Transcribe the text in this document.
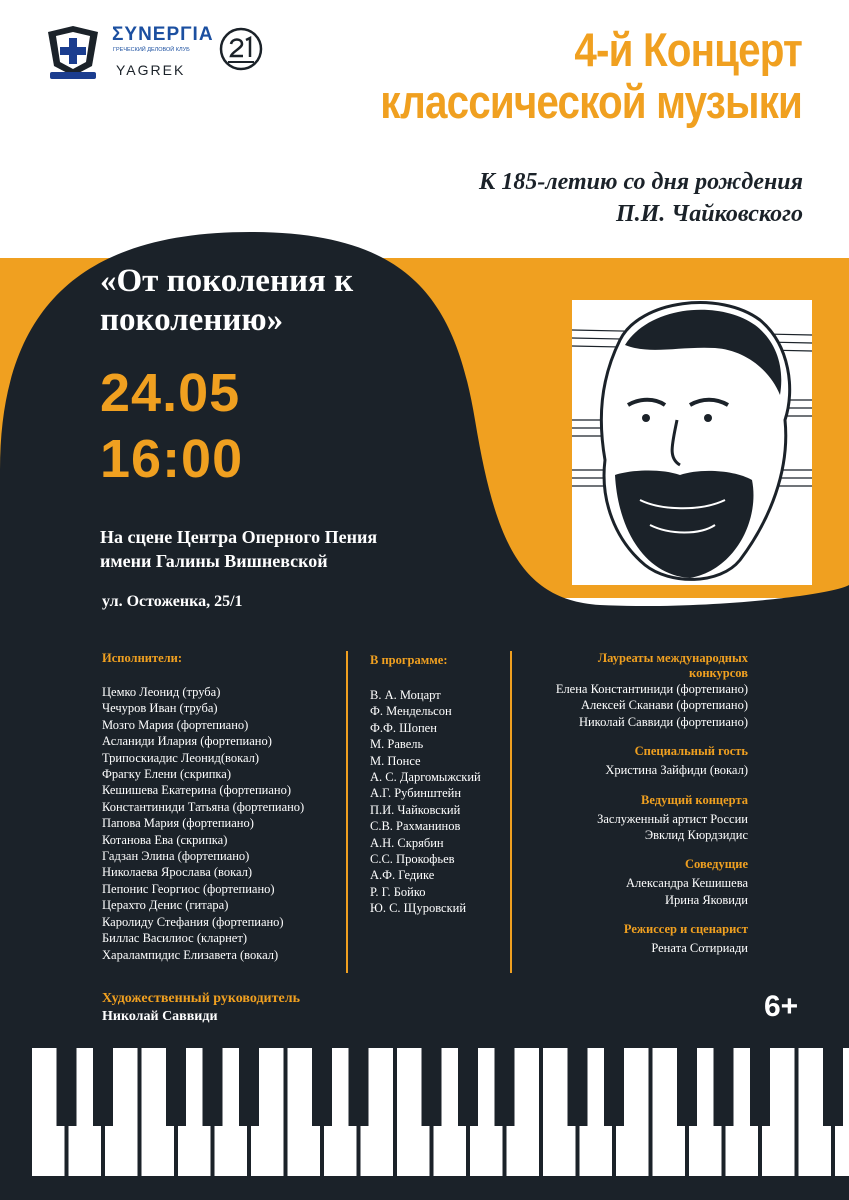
ΣΥΝΕΡΓΙΑ
ГРЕЧЕСКИЙ ДЕЛОВОЙ КЛУБ
YAGREK	4-й Концерт
классической музыки
К 185-летию со дня рождения
П.И. Чайковского
«От поколения к поколению»
24.05
16:00
На сцене Центра Оперного Пения
имени Галины Вишневской
ул. Остоженка, 25/1
Исполнители:
Цемко Леонид (труба)
Чечуров Иван (труба)
Мозго Мария (фортепиано)
Асланиди Илария (фортепиано)
Трипоскиадис Леонид(вокал)
Фрагку Елени (скрипка)
Кешишева Екатерина (фортепиано)
Константиниди Татьяна (фортепиано)
Папова Мария (фортепиано)
Котанова Ева (скрипка)
Гадзан Элина (фортепиано)
Николаева Ярослава (вокал)
Пепонис Георгиос (фортепиано)
Церахто Денис (гитара)
Каролиду Стефания (фортепиано)
Биллас Василиос (кларнет)
Харалампидис Елизавета (вокал)
В программе:
В. А. Моцарт
Ф. Мендельсон
Ф.Ф. Шопен
М. Равель
М. Понсе
А. С. Даргомыжский
А.Г. Рубинштейн
П.И. Чайковский
С.В. Рахманинов
А.Н. Скрябин
С.С. Прокофьев
А.Ф. Гедике
Р. Г. Бойко
Ю. С. Щуровский
Лауреаты международных
конкурсов
Елена Константиниди (фортепиано)
Алексей Сканави (фортепиано)
Николай Саввиди (фортепиано)
Специальный гость
Христина Зайфиди (вокал)
Ведущий концерта
Заслуженный артист России
Эвклид Кюрдзидис
Соведущие
Александра Кешишева
Ирина Яковиди
Режиссер и сценарист
Рената Сотириади
Художественный руководитель
Николай Саввиди	6+
